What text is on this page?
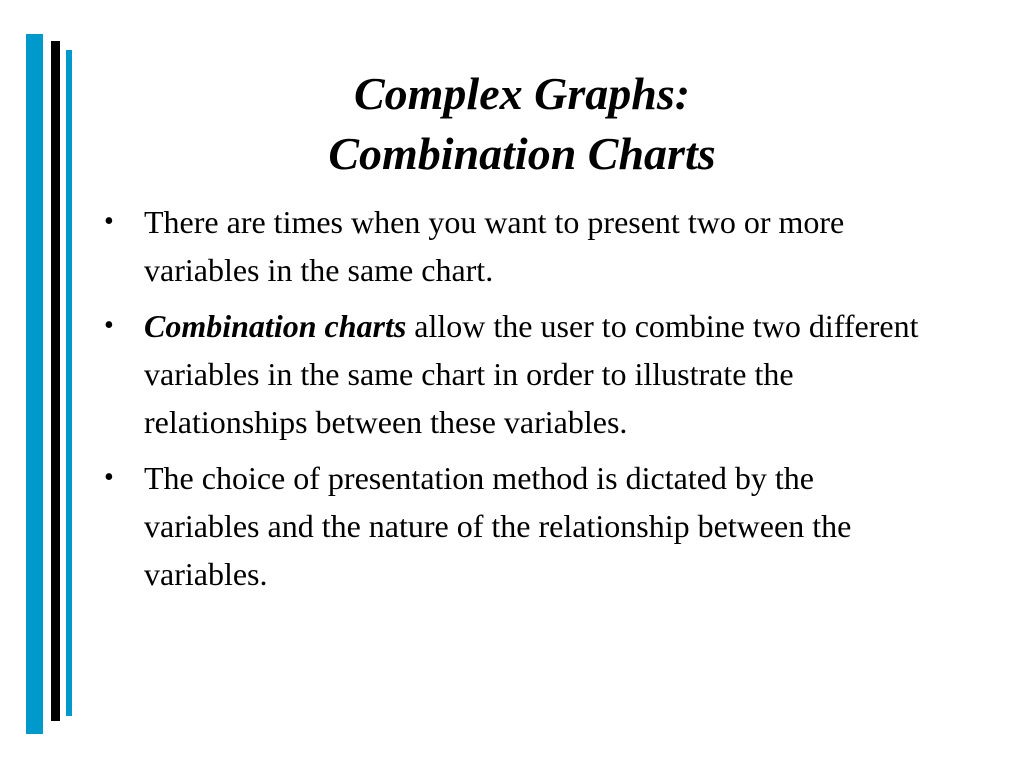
Complex Graphs:
Combination Charts
• There are times when you want to present two or more variables in the same chart.
• Combination charts allow the user to combine two different variables in the same chart in order to illustrate the relationships between these variables.
• The choice of presentation method is dictated by the variables and the nature of the relationship between the variables.
